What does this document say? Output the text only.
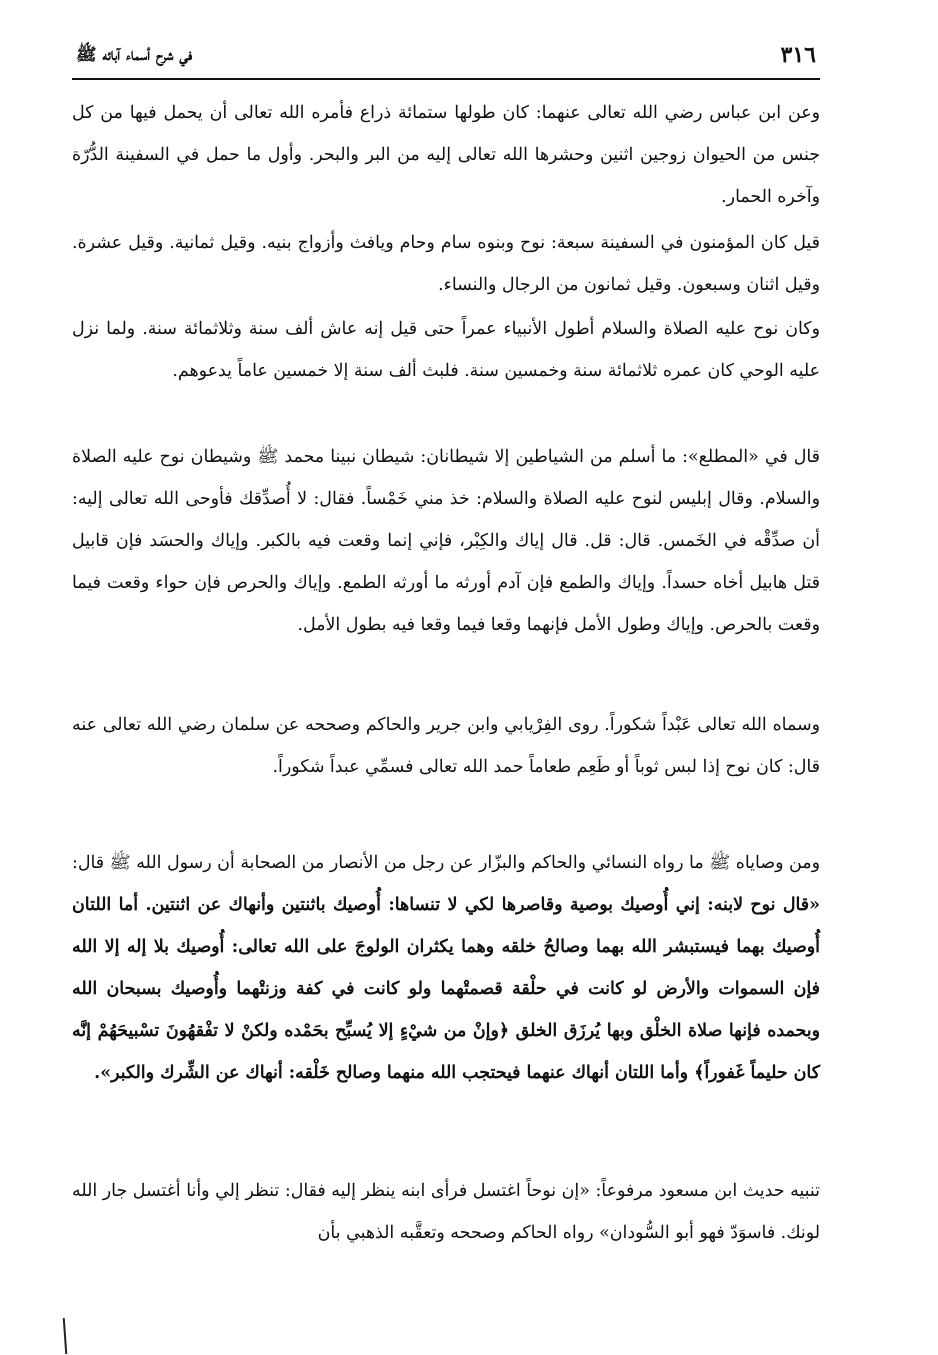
٣١٦
في شرح أسماء آبائه ﷺ

وعن ابن عباس رضي الله تعالى عنهما: كان طولها ستمائة ذراع فأمره الله تعالى أن يحمل فيها من كل جنس من الحيوان زوجين اثنين وحشرها الله تعالى إليه من البر والبحر. وأول ما حمل في السفينة الدُّرّة وآخره الحمار.

قيل كان المؤمنون في السفينة سبعة: نوح وبنوه سام وحام ويافث وأزواج بنيه. وقيل ثمانية. وقيل عشرة. وقيل اثنان وسبعون. وقيل ثمانون من الرجال والنساء.

وكان نوح عليه الصلاة والسلام أطول الأنبياء عمراً حتى قيل إنه عاش ألف سنة وثلاثمائة سنة. ولما نزل عليه الوحي كان عمره ثلاثمائة سنة وخمسين سنة. فلبث ألف سنة إلا خمسين عاماً يدعوهم.

قال في «المطلع»: ما أسلم من الشياطين إلا شيطانان: شيطان نبينا محمد ﷺ وشيطان نوح عليه الصلاة والسلام. وقال إبليس لنوح عليه الصلاة والسلام: خذ مني خَمْساً. فقال: لا أُصدِّقك فأوحى الله تعالى إليه: أن صدِّقْه في الخَمس. قال: قل. قال إياك والكِبْر، فإني إنما وقعت فيه بالكبر. وإياك والحسَد فإن قابيل قتل هابيل أخاه حسداً. وإياك والطمع فإن آدم أورثه ما أورثه الطمع. وإياك والحرص فإن حواء وقعت فيما وقعت بالحرص. وإياك وطول الأمل فإنهما وقعا فيما وقعا فيه بطول الأمل.

وسماه الله تعالى عَبْداً شكوراً. روى الفِرْيابي وابن جرير والحاكم وصححه عن سلمان رضي الله تعالى عنه قال: كان نوح إذا لبس ثوباً أو طَعِم طعاماً حمد الله تعالى فسمِّي عبداً شكوراً.

ومن وصاياه ﷺ ما رواه النسائي والحاكم والبزّار عن رجل من الأنصار من الصحابة أن رسول الله ﷺ قال: «قال نوح لابنه: إني أُوصيك بوصية وقاصرها لكي لا تنساها: أُوصيك باثنتين وأنهاك عن اثنتين. أما اللتان أُوصيك بهما فيستبشر الله بهما وصالحُ خلقه وهما يكثران الولوجَ على الله تعالى: أُوصيك بلا إله إلا الله فإن السموات والأرض لو كانت في حلْقة قصمتْهما ولو كانت في كفة وزنتْهما وأُوصيك بسبحان الله وبحمده فإنها صلاة الخلْق وبها يُرزَق الخلق ﴿وإنْ من شيْءٍ إلا يُسبِّح بحَمْده ولكنْ لا تفْقهُونَ تسْبيحَهُمْ إنَّه كان حليماً غَفوراً﴾ وأما اللتان أنهاك عنهما فيحتجب الله منهما وصالح خَلْقه: أنهاك عن الشِّرك والكبر».

تنبيه حديث ابن مسعود مرفوعاً: «إن نوحاً اغتسل فرأى ابنه ينظر إليه فقال: تنظر إلي وأنا أغتسل جار الله لونك. فاسوَدّ فهو أبو السُّودان» رواه الحاكم وصححه وتعقَّبه الذهبي بأن
